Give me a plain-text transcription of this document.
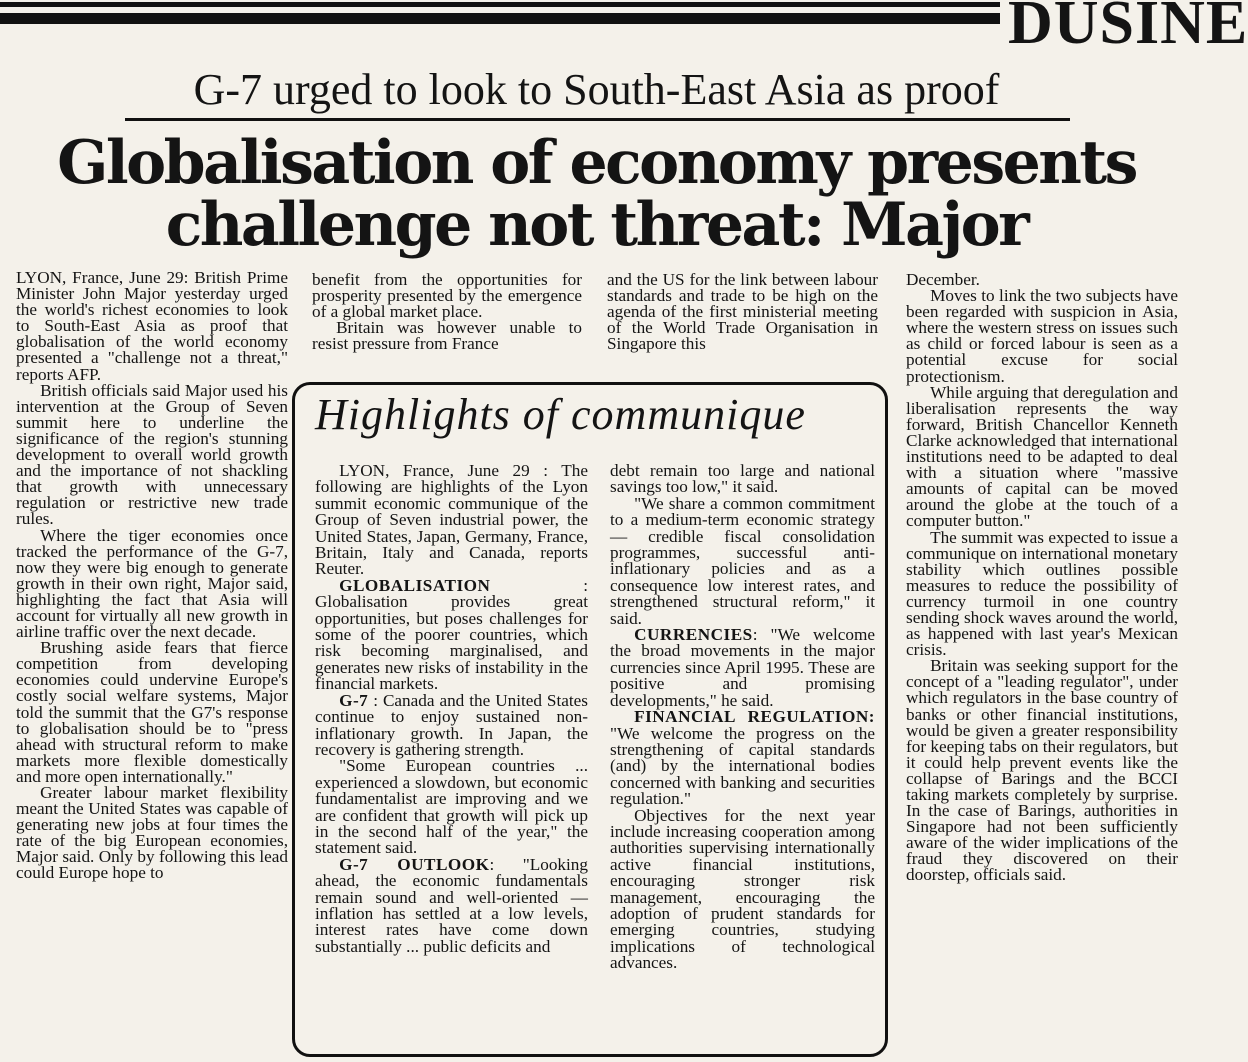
DUSINE
G-7 urged to look to South-East Asia as proof
Globalisation of economy presents
challenge not threat: Major

LYON, France, June 29: British Prime Minister John Major yesterday urged the world's richest economies to look to South-East Asia as proof that globalisation of the world economy presented a "challenge not a threat," reports AFP.

British officials said Major used his intervention at the Group of Seven summit here to underline the significance of the region's stunning development to overall world growth and the importance of not shackling that growth with unnecessary regulation or restrictive new trade rules.

Where the tiger economies once tracked the performance of the G-7, now they were big enough to generate growth in their own right, Major said, highlighting the fact that Asia will account for virtually all new growth in airline traffic over the next decade.

Brushing aside fears that fierce competition from developing economies could undervine Europe's costly social welfare systems, Major told the summit that the G7's response to globalisation should be to "press ahead with structural reform to make markets more flexible domestically and more open internationally."

Greater labour market flexibility meant the United States was capable of generating new jobs at four times the rate of the big European economies, Major said. Only by following this lead could Europe hope to

benefit from the opportunities for prosperity presented by the emergence of a global market place.

Britain was however unable to resist pressure from France

and the US for the link between labour standards and trade to be high on the agenda of the first ministerial meeting of the World Trade Organisation in Singapore this

December.

Moves to link the two subjects have been regarded with suspicion in Asia, where the western stress on issues such as child or forced labour is seen as a potential excuse for social protectionism.

While arguing that deregulation and liberalisation represents the way forward, British Chancellor Kenneth Clarke acknowledged that international institutions need to be adapted to deal with a situation where "massive amounts of capital can be moved around the globe at the touch of a computer button."

The summit was expected to issue a communique on international monetary stability which outlines possible measures to reduce the possibility of currency turmoil in one country sending shock waves around the world, as happened with last year's Mexican crisis.

Britain was seeking support for the concept of a "leading regulator", under which regulators in the base country of banks or other financial institutions, would be given a greater responsibility for keeping tabs on their regulators, but it could help prevent events like the collapse of Barings and the BCCI taking markets completely by surprise. In the case of Barings, authorities in Singapore had not been sufficiently aware of the wider implications of the fraud they discovered on their doorstep, officials said.

Highlights of communique

LYON, France, June 29 : The following are highlights of the Lyon summit economic communique of the Group of Seven industrial power, the United States, Japan, Germany, France, Britain, Italy and Canada, reports Reuter.

GLOBALISATION : Globalisation provides great opportunities, but poses challenges for some of the poorer countries, which risk becoming marginalised, and generates new risks of instability in the financial markets.

G-7 : Canada and the United States continue to enjoy sustained non-inflationary growth. In Japan, the recovery is gathering strength.

"Some European countries ... experienced a slowdown, but economic fundamentalist are improving and we are confident that growth will pick up in the second half of the year," the statement said.

G-7 OUTLOOK: "Looking ahead, the economic fundamentals remain sound and well-oriented — inflation has settled at a low levels, interest rates have come down substantially ... public deficits and

debt remain too large and national savings too low," it said.

"We share a common commitment to a medium-term economic strategy — credible fiscal consolidation programmes, successful anti-inflationary policies and as a consequence low interest rates, and strengthened structural reform," it said.

CURRENCIES: "We welcome the broad movements in the major currencies since April 1995. These are positive and promising developments," he said.

FINANCIAL REGULATION: "We welcome the progress on the strengthening of capital standards (and) by the international bodies concerned with banking and securities regulation."

Objectives for the next year include increasing cooperation among authorities supervising internationally active financial institutions, encouraging stronger risk management, encouraging the adoption of prudent standards for emerging countries, studying implications of technological advances.
